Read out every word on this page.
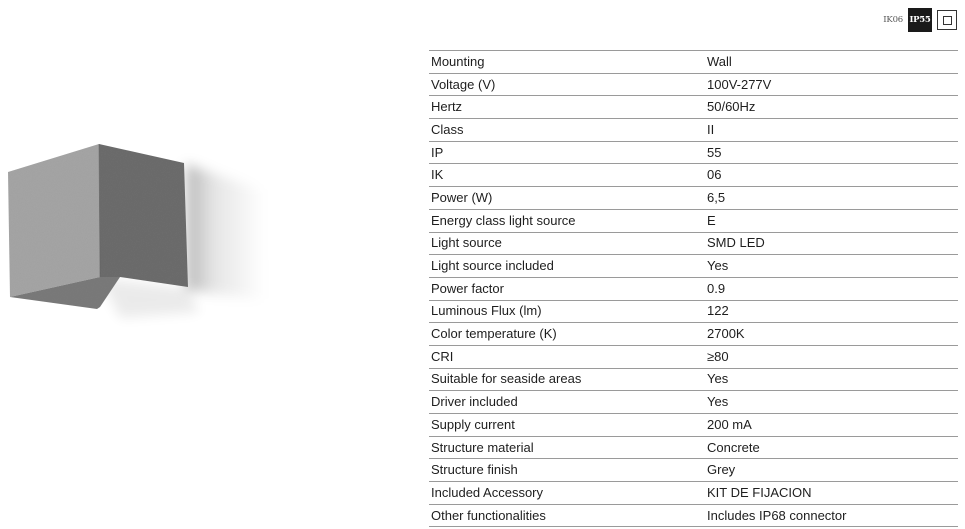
IK06 IP55
Mounting	Wall
Voltage (V)	100V-277V
Hertz	50/60Hz
Class	II
IP	55
IK	06
Power (W)	6,5
Energy class light source	E
Light source	SMD LED
Light source included	Yes
Power factor	0.9
Luminous Flux (lm)	122
Color temperature (K)	2700K
CRI	≥80
Suitable for seaside areas	Yes
Driver included	Yes
Supply current	200 mA
Structure material	Concrete
Structure finish	Grey
Included Accessory	KIT DE FIJACION
Other functionalities	Includes IP68 connector
